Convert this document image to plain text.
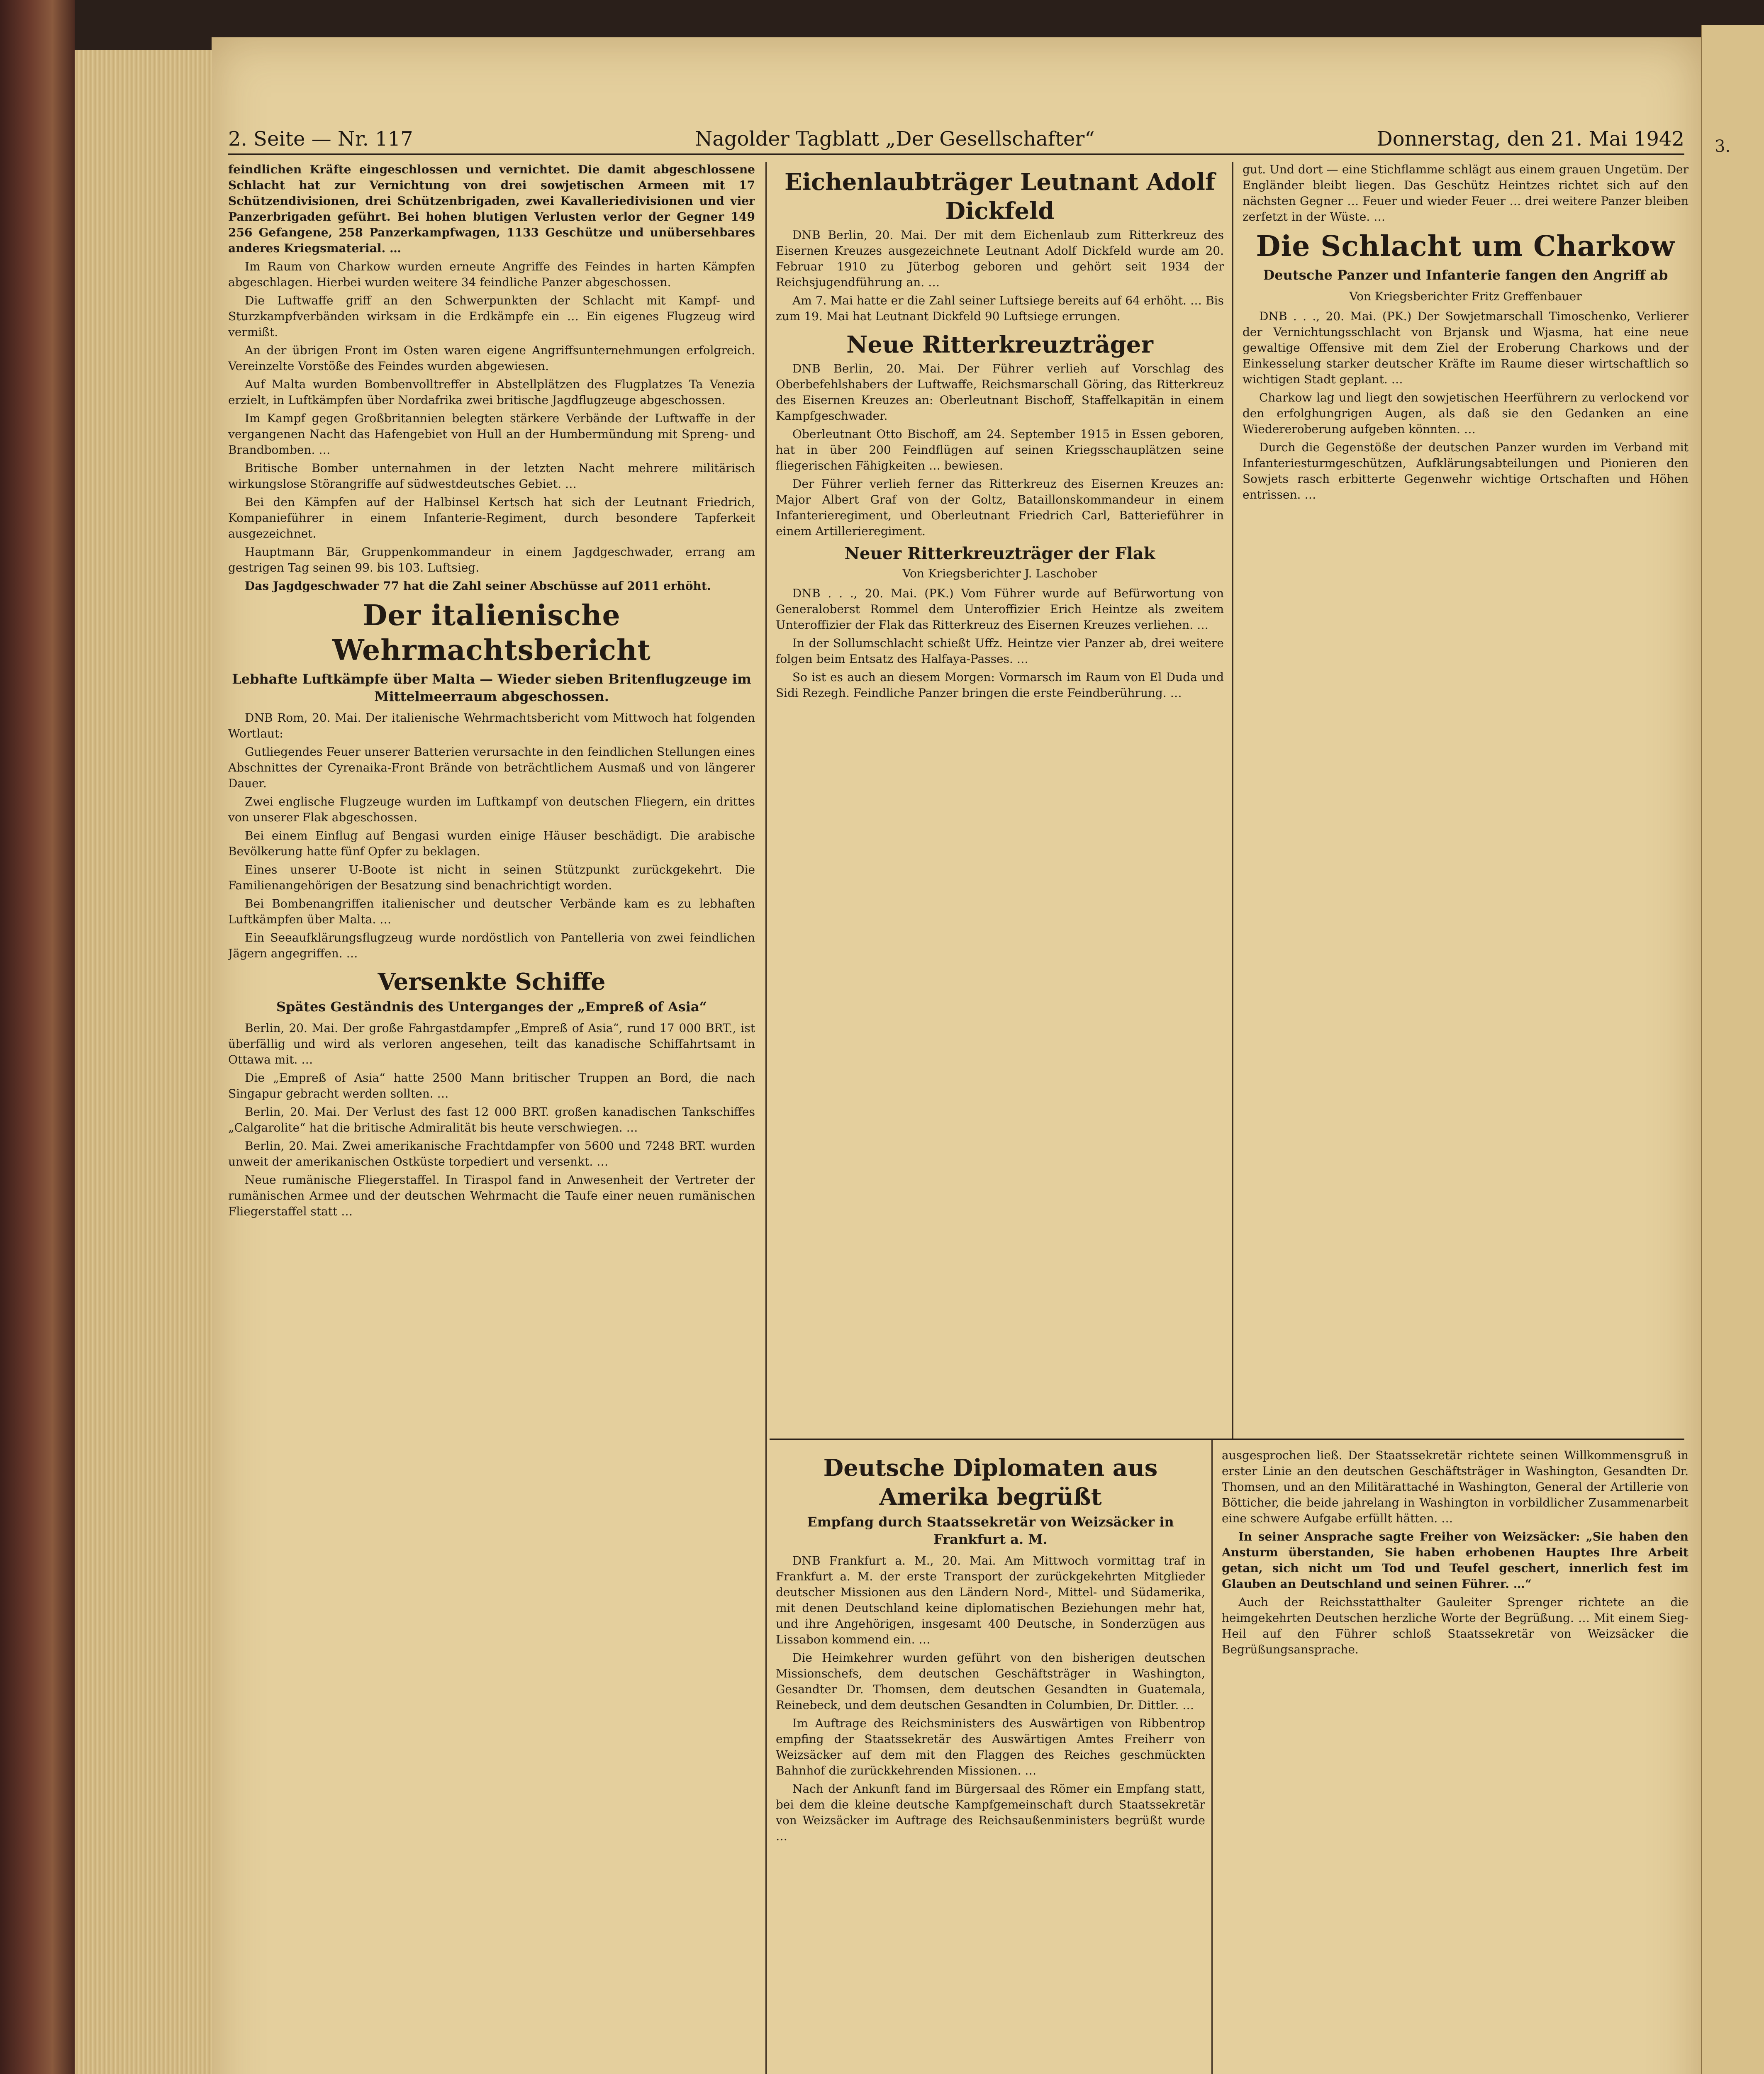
3.
2. Seite — Nr. 117	Nagolder Tagblatt „Der Gesellschafter“	Donnerstag, den 21. Mai 1942

feindlichen Kräfte eingeschlossen und vernichtet. Die damit abgeschlossene Schlacht hat zur Vernichtung von drei sowjetischen Armeen mit 17 Schützendivisionen, drei Schützenbrigaden, zwei Kavalleriedivisionen und vier Panzerbrigaden geführt. Bei hohen blutigen Verlusten verlor der Gegner 149 256 Gefangene, 258 Panzerkampfwagen, 1133 Geschütze und unübersehbares anderes Kriegsmaterial. …

Im Raum von Charkow wurden erneute Angriffe des Feindes in harten Kämpfen abgeschlagen. Hierbei wurden weitere 34 feindliche Panzer abgeschossen.

Die Luftwaffe griff an den Schwerpunkten der Schlacht mit Kampf- und Sturzkampfverbänden wirksam in die Erdkämpfe ein … Ein eigenes Flugzeug wird vermißt.

An der übrigen Front im Osten waren eigene Angriffsunternehmungen erfolgreich. Vereinzelte Vorstöße des Feindes wurden abgewiesen.

Auf Malta wurden Bombenvolltreffer in Abstellplätzen des Flugplatzes Ta Venezia erzielt, in Luftkämpfen über Nordafrika zwei britische Jagdflugzeuge abgeschossen.

Im Kampf gegen Großbritannien belegten stärkere Verbände der Luftwaffe in der vergangenen Nacht das Hafengebiet von Hull an der Humbermündung mit Spreng- und Brandbomben. …

Britische Bomber unternahmen in der letzten Nacht mehrere militärisch wirkungslose Störangriffe auf südwestdeutsches Gebiet. …

Bei den Kämpfen auf der Halbinsel Kertsch hat sich der Leutnant Friedrich, Kompanieführer in einem Infanterie-Regiment, durch besondere Tapferkeit ausgezeichnet.

Hauptmann Bär, Gruppenkommandeur in einem Jagdgeschwader, errang am gestrigen Tag seinen 99. bis 103. Luftsieg.

Das Jagdgeschwader 77 hat die Zahl seiner Abschüsse auf 2011 erhöht.

Der italienische Wehrmachtsbericht
Lebhafte Luftkämpfe über Malta — Wieder sieben Britenflugzeuge im Mittelmeerraum abgeschossen.

DNB Rom, 20. Mai. Der italienische Wehrmachtsbericht vom Mittwoch hat folgenden Wortlaut:

Gutliegendes Feuer unserer Batterien verursachte in den feindlichen Stellungen eines Abschnittes der Cyrenaika-Front Brände von beträchtlichem Ausmaß und von längerer Dauer.

Zwei englische Flugzeuge wurden im Luftkampf von deutschen Fliegern, ein drittes von unserer Flak abgeschossen.

Bei einem Einflug auf Bengasi wurden einige Häuser beschädigt. Die arabische Bevölkerung hatte fünf Opfer zu beklagen.

Eines unserer U-Boote ist nicht in seinen Stützpunkt zurückgekehrt. Die Familienangehörigen der Besatzung sind benachrichtigt worden.

Bei Bombenangriffen italienischer und deutscher Verbände kam es zu lebhaften Luftkämpfen über Malta. …

Ein Seeaufklärungsflugzeug wurde nordöstlich von Pantelleria von zwei feindlichen Jägern angegriffen. …

Versenkte Schiffe
Spätes Geständnis des Unterganges der „Empreß of Asia“

Berlin, 20. Mai. Der große Fahrgastdampfer „Empreß of Asia“, rund 17 000 BRT., ist überfällig und wird als verloren angesehen, teilt das kanadische Schiffahrtsamt in Ottawa mit. …

Die „Empreß of Asia“ hatte 2500 Mann britischer Truppen an Bord, die nach Singapur gebracht werden sollten. …

Berlin, 20. Mai. Der Verlust des fast 12 000 BRT. großen kanadischen Tankschiffes „Calgarolite“ hat die britische Admiralität bis heute verschwiegen. …

Berlin, 20. Mai. Zwei amerikanische Frachtdampfer von 5600 und 7248 BRT. wurden unweit der amerikanischen Ostküste torpediert und versenkt. …

Neue rumänische Fliegerstaffel. In Tiraspol fand in Anwesenheit der Vertreter der rumänischen Armee und der deutschen Wehrmacht die Taufe einer neuen rumänischen Fliegerstaffel statt …

Eichenlaubträger Leutnant Adolf Dickfeld

DNB Berlin, 20. Mai. Der mit dem Eichenlaub zum Ritterkreuz des Eisernen Kreuzes ausgezeichnete Leutnant Adolf Dickfeld wurde am 20. Februar 1910 zu Jüterbog geboren und gehört seit 1934 der Reichsjugendführung an. …

Am 7. Mai hatte er die Zahl seiner Luftsiege bereits auf 64 erhöht. … Bis zum 19. Mai hat Leutnant Dickfeld 90 Luftsiege errungen.

Neue Ritterkreuzträger

DNB Berlin, 20. Mai. Der Führer verlieh auf Vorschlag des Oberbefehlshabers der Luftwaffe, Reichsmarschall Göring, das Ritterkreuz des Eisernen Kreuzes an: Oberleutnant Bischoff, Staffelkapitän in einem Kampfgeschwader.

Oberleutnant Otto Bischoff, am 24. September 1915 in Essen geboren, hat in über 200 Feindflügen auf seinen Kriegsschauplätzen seine fliegerischen Fähigkeiten … bewiesen.

Der Führer verlieh ferner das Ritterkreuz des Eisernen Kreuzes an: Major Albert Graf von der Goltz, Bataillonskommandeur in einem Infanterieregiment, und Oberleutnant Friedrich Carl, Batterieführer in einem Artillerieregiment.

Neuer Ritterkreuzträger der Flak
Von Kriegsberichter J. Laschober

DNB . . ., 20. Mai. (PK.) Vom Führer wurde auf Befürwortung von Generaloberst Rommel dem Unteroffizier Erich Heintze als zweitem Unteroffizier der Flak das Ritterkreuz des Eisernen Kreuzes verliehen. …

In der Sollumschlacht schießt Uffz. Heintze vier Panzer ab, drei weitere folgen beim Entsatz des Halfaya-Passes. …

So ist es auch an diesem Morgen: Vormarsch im Raum von El Duda und Sidi Rezegh. Feindliche Panzer bringen die erste Feindberührung. …

gut. Und dort — eine Stichflamme schlägt aus einem grauen Ungetüm. Der Engländer bleibt liegen. Das Geschütz Heintzes richtet sich auf den nächsten Gegner … Feuer und wieder Feuer … drei weitere Panzer bleiben zerfetzt in der Wüste. …

Die Schlacht um Charkow
Deutsche Panzer und Infanterie fangen den Angriff ab
Von Kriegsberichter Fritz Greffenbauer

DNB . . ., 20. Mai. (PK.) Der Sowjetmarschall Timoschenko, Verlierer der Vernichtungsschlacht von Brjansk und Wjasma, hat eine neue gewaltige Offensive mit dem Ziel der Eroberung Charkows und der Einkesselung starker deutscher Kräfte im Raume dieser wirtschaftlich so wichtigen Stadt geplant. …

Charkow lag und liegt den sowjetischen Heerführern zu verlockend vor den erfolghungrigen Augen, als daß sie den Gedanken an eine Wiedereroberung aufgeben könnten. …

Durch die Gegenstöße der deutschen Panzer wurden im Verband mit Infanteriesturmgeschützen, Aufklärungsabteilungen und Pionieren den Sowjets rasch erbitterte Gegenwehr wichtige Ortschaften und Höhen entrissen. …

Deutsche Diplomaten aus Amerika begrüßt
Empfang durch Staatssekretär von Weizsäcker in Frankfurt a. M.

DNB Frankfurt a. M., 20. Mai. Am Mittwoch vormittag traf in Frankfurt a. M. der erste Transport der zurückgekehrten Mitglieder deutscher Missionen aus den Ländern Nord-, Mittel- und Südamerika, mit denen Deutschland keine diplomatischen Beziehungen mehr hat, und ihre Angehörigen, insgesamt 400 Deutsche, in Sonderzügen aus Lissabon kommend ein. …

Die Heimkehrer wurden geführt von den bisherigen deutschen Missionschefs, dem deutschen Geschäftsträger in Washington, Gesandter Dr. Thomsen, dem deutschen Gesandten in Guatemala, Reinebeck, und dem deutschen Gesandten in Columbien, Dr. Dittler. …

Im Auftrage des Reichsministers des Auswärtigen von Ribbentrop empfing der Staatssekretär des Auswärtigen Amtes Freiherr von Weizsäcker auf dem mit den Flaggen des Reiches geschmückten Bahnhof die zurückkehrenden Missionen. …

Nach der Ankunft fand im Bürgersaal des Römer ein Empfang statt, bei dem die kleine deutsche Kampfgemeinschaft durch Staatssekretär von Weizsäcker im Auftrage des Reichsaußenministers begrüßt wurde …

ausgesprochen ließ. Der Staatssekretär richtete seinen Willkommensgruß in erster Linie an den deutschen Geschäftsträger in Washington, Gesandten Dr. Thomsen, und an den Militärattaché in Washington, General der Artillerie von Bötticher, die beide jahrelang in Washington in vorbildlicher Zusammenarbeit eine schwere Aufgabe erfüllt hätten. …

In seiner Ansprache sagte Freiher von Weizsäcker: „Sie haben den Ansturm überstanden, Sie haben erhobenen Hauptes Ihre Arbeit getan, sich nicht um Tod und Teufel geschert, innerlich fest im Glauben an Deutschland und seinen Führer. …“

Auch der Reichsstatthalter Gauleiter Sprenger richtete an die heimgekehrten Deutschen herzliche Worte der Begrüßung. … Mit einem Sieg-Heil auf den Führer schloß Staatssekretär von Weizsäcker die Begrüßungsansprache.
